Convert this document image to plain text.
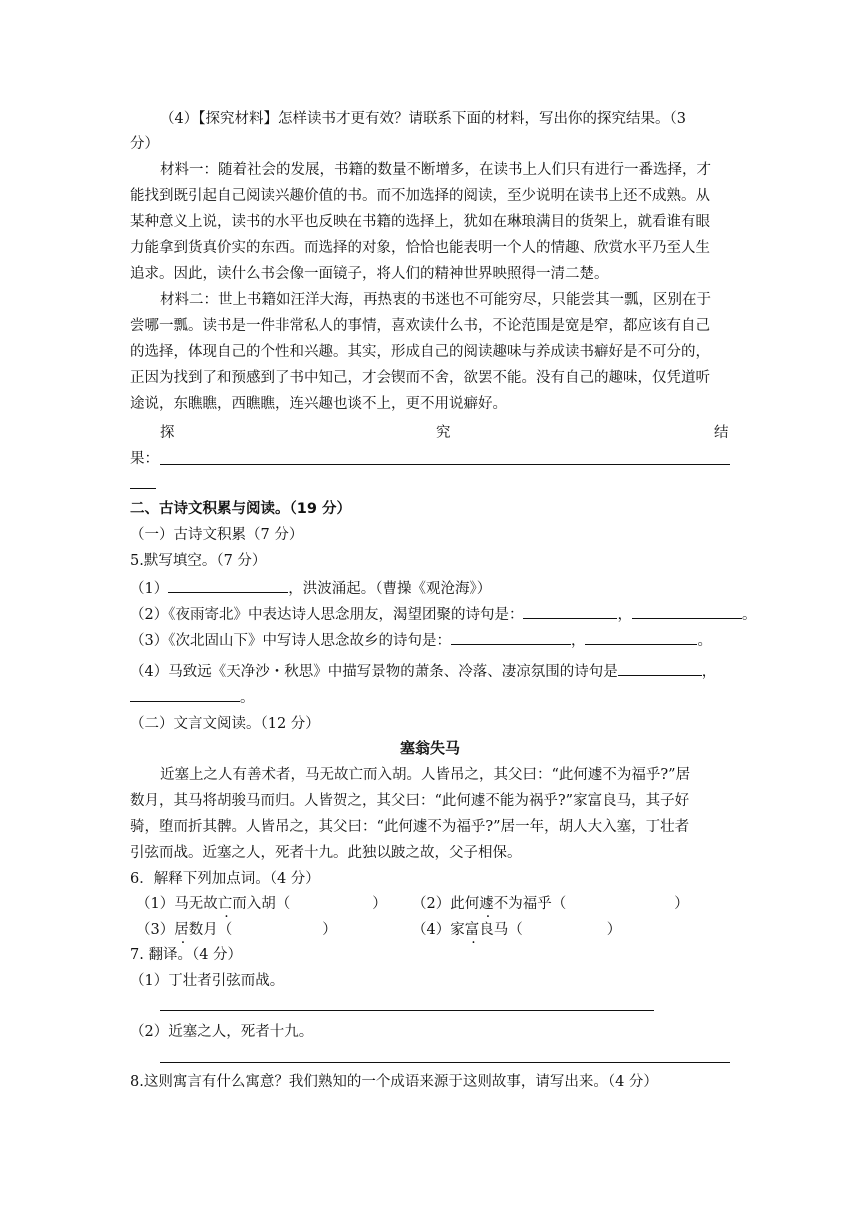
（4）【探究材料】怎样读书才更有效？请联系下面的材料，写出你的探究结果。（3
分）
材料一：随着社会的发展，书籍的数量不断增多，在读书上人们只有进行一番选择，才
能找到既引起自己阅读兴趣价值的书。而不加选择的阅读，至少说明在读书上还不成熟。从
某种意义上说，读书的水平也反映在书籍的选择上，犹如在琳琅满目的货架上，就看谁有眼
力能拿到货真价实的东西。而选择的对象，恰恰也能表明一个人的情趣、欣赏水平乃至人生
追求。因此，读什么书会像一面镜子，将人们的精神世界映照得一清二楚。
材料二：世上书籍如汪洋大海，再热衷的书迷也不可能穷尽，只能尝其一瓢，区别在于
尝哪一瓢。读书是一件非常私人的事情，喜欢读什么书，不论范围是宽是窄，都应该有自己
的选择，体现自己的个性和兴趣。其实，形成自己的阅读趣味与养成读书癖好是不可分的，
正因为找到了和预感到了书中知己，才会锲而不舍，欲罢不能。没有自己的趣味，仅凭道听
途说，东瞧瞧，西瞧瞧，连兴趣也谈不上，更不用说癖好。
探	究	结
果：
二、古诗文积累与阅读。（19 分）
（一）古诗文积累（7 分）
5.默写填空。（7 分）
（1）	，洪波涌起。（曹操《观沧海》）
（2）《夜雨寄北》中表达诗人思念朋友，渴望团聚的诗句是：	，	。
（3）《次北固山下》中写诗人思念故乡的诗句是：	，	。
（4）马致远《天净沙・秋思》中描写景物的萧条、冷落、凄凉氛围的诗句是	，
。
（二）文言文阅读。（12 分）
塞翁失马
近塞上之人有善术者，马无故亡而入胡。人皆吊之，其父曰：“此何遽不为福乎?”居
数月，其马将胡骏马而归。人皆贺之，其父曰：“此何遽不能为祸乎?”家富良马，其子好
骑，堕而折其髀。人皆吊之，其父曰：“此何遽不为福乎?”居一年，胡人大入塞，丁壮者
引弦而战。近塞之人，死者十九。此独以跛之故，父子相保。
6．解释下列加点词。（4 分）
（1）马无故亡而入胡（	） （2）此何遽不为福乎（	）
（3）居数月（	）	（4）家富良马（	）
7. 翻译。（4 分）
（1）丁壮者引弦而战。
（2）近塞之人，死者十九。
8.这则寓言有什么寓意？我们熟知的一个成语来源于这则故事，请写出来。（4 分）
